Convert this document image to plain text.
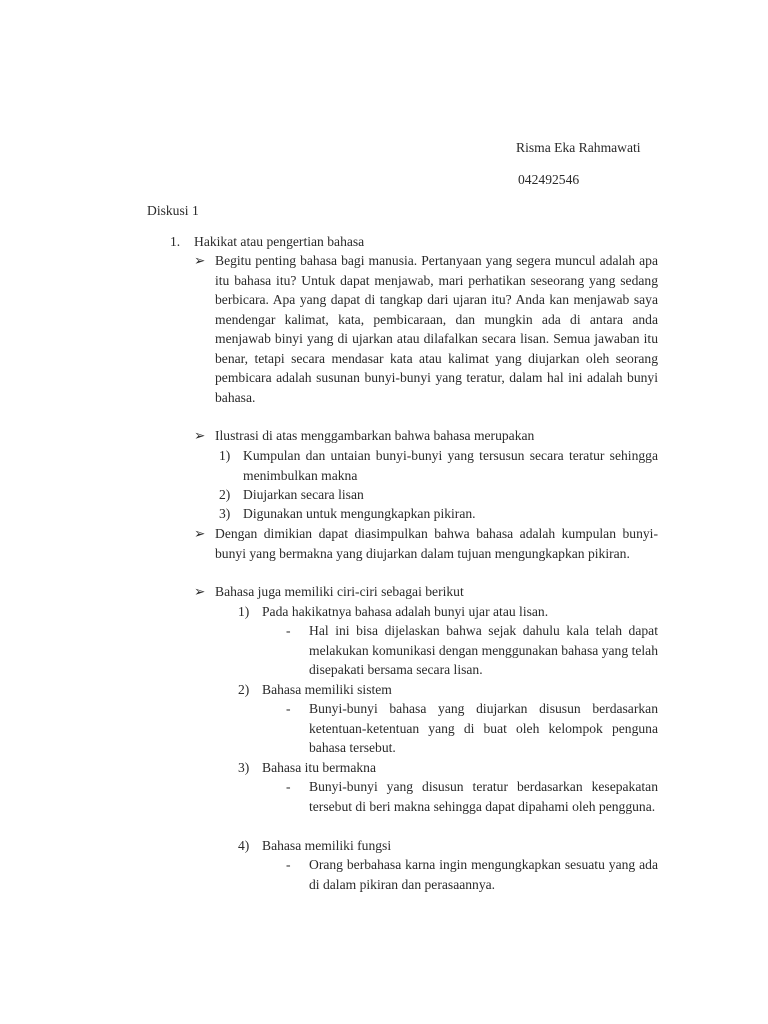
Risma Eka Rahmawati
042492546
Diskusi 1
1. Hakikat atau pengertian bahasa
➢ Begitu penting bahasa bagi manusia. Pertanyaan yang segera muncul adalah apa itu bahasa itu? Untuk dapat menjawab, mari perhatikan seseorang yang sedang berbicara. Apa yang dapat di tangkap dari ujaran itu? Anda kan menjawab saya mendengar kalimat, kata, pembicaraan, dan mungkin ada di antara anda menjawab binyi yang di ujarkan atau dilafalkan secara lisan. Semua jawaban itu benar, tetapi secara mendasar kata atau kalimat yang diujarkan oleh seorang pembicara adalah susunan bunyi-bunyi yang teratur, dalam hal ini adalah bunyi bahasa.
➢ Ilustrasi di atas menggambarkan bahwa bahasa merupakan
1) Kumpulan dan untaian bunyi-bunyi yang tersusun secara teratur sehingga menimbulkan makna
2) Diujarkan secara lisan
3) Digunakan untuk mengungkapkan pikiran.
➢ Dengan dimikian dapat diasimpulkan bahwa bahasa adalah kumpulan bunyi-bunyi yang bermakna yang diujarkan dalam tujuan mengungkapkan pikiran.
➢ Bahasa juga memiliki ciri-ciri sebagai berikut
1) Pada hakikatnya bahasa adalah bunyi ujar atau lisan.
- Hal ini bisa dijelaskan bahwa sejak dahulu kala telah dapat melakukan komunikasi dengan menggunakan bahasa yang telah disepakati bersama secara lisan.
2) Bahasa memiliki sistem
- Bunyi-bunyi bahasa yang diujarkan disusun berdasarkan ketentuan-ketentuan yang di buat oleh kelompok penguna bahasa tersebut.
3) Bahasa itu bermakna
- Bunyi-bunyi yang disusun teratur berdasarkan kesepakatan tersebut di beri makna sehingga dapat dipahami oleh pengguna.
4) Bahasa memiliki fungsi
- Orang berbahasa karna ingin mengungkapkan sesuatu yang ada di dalam pikiran dan perasaannya.
